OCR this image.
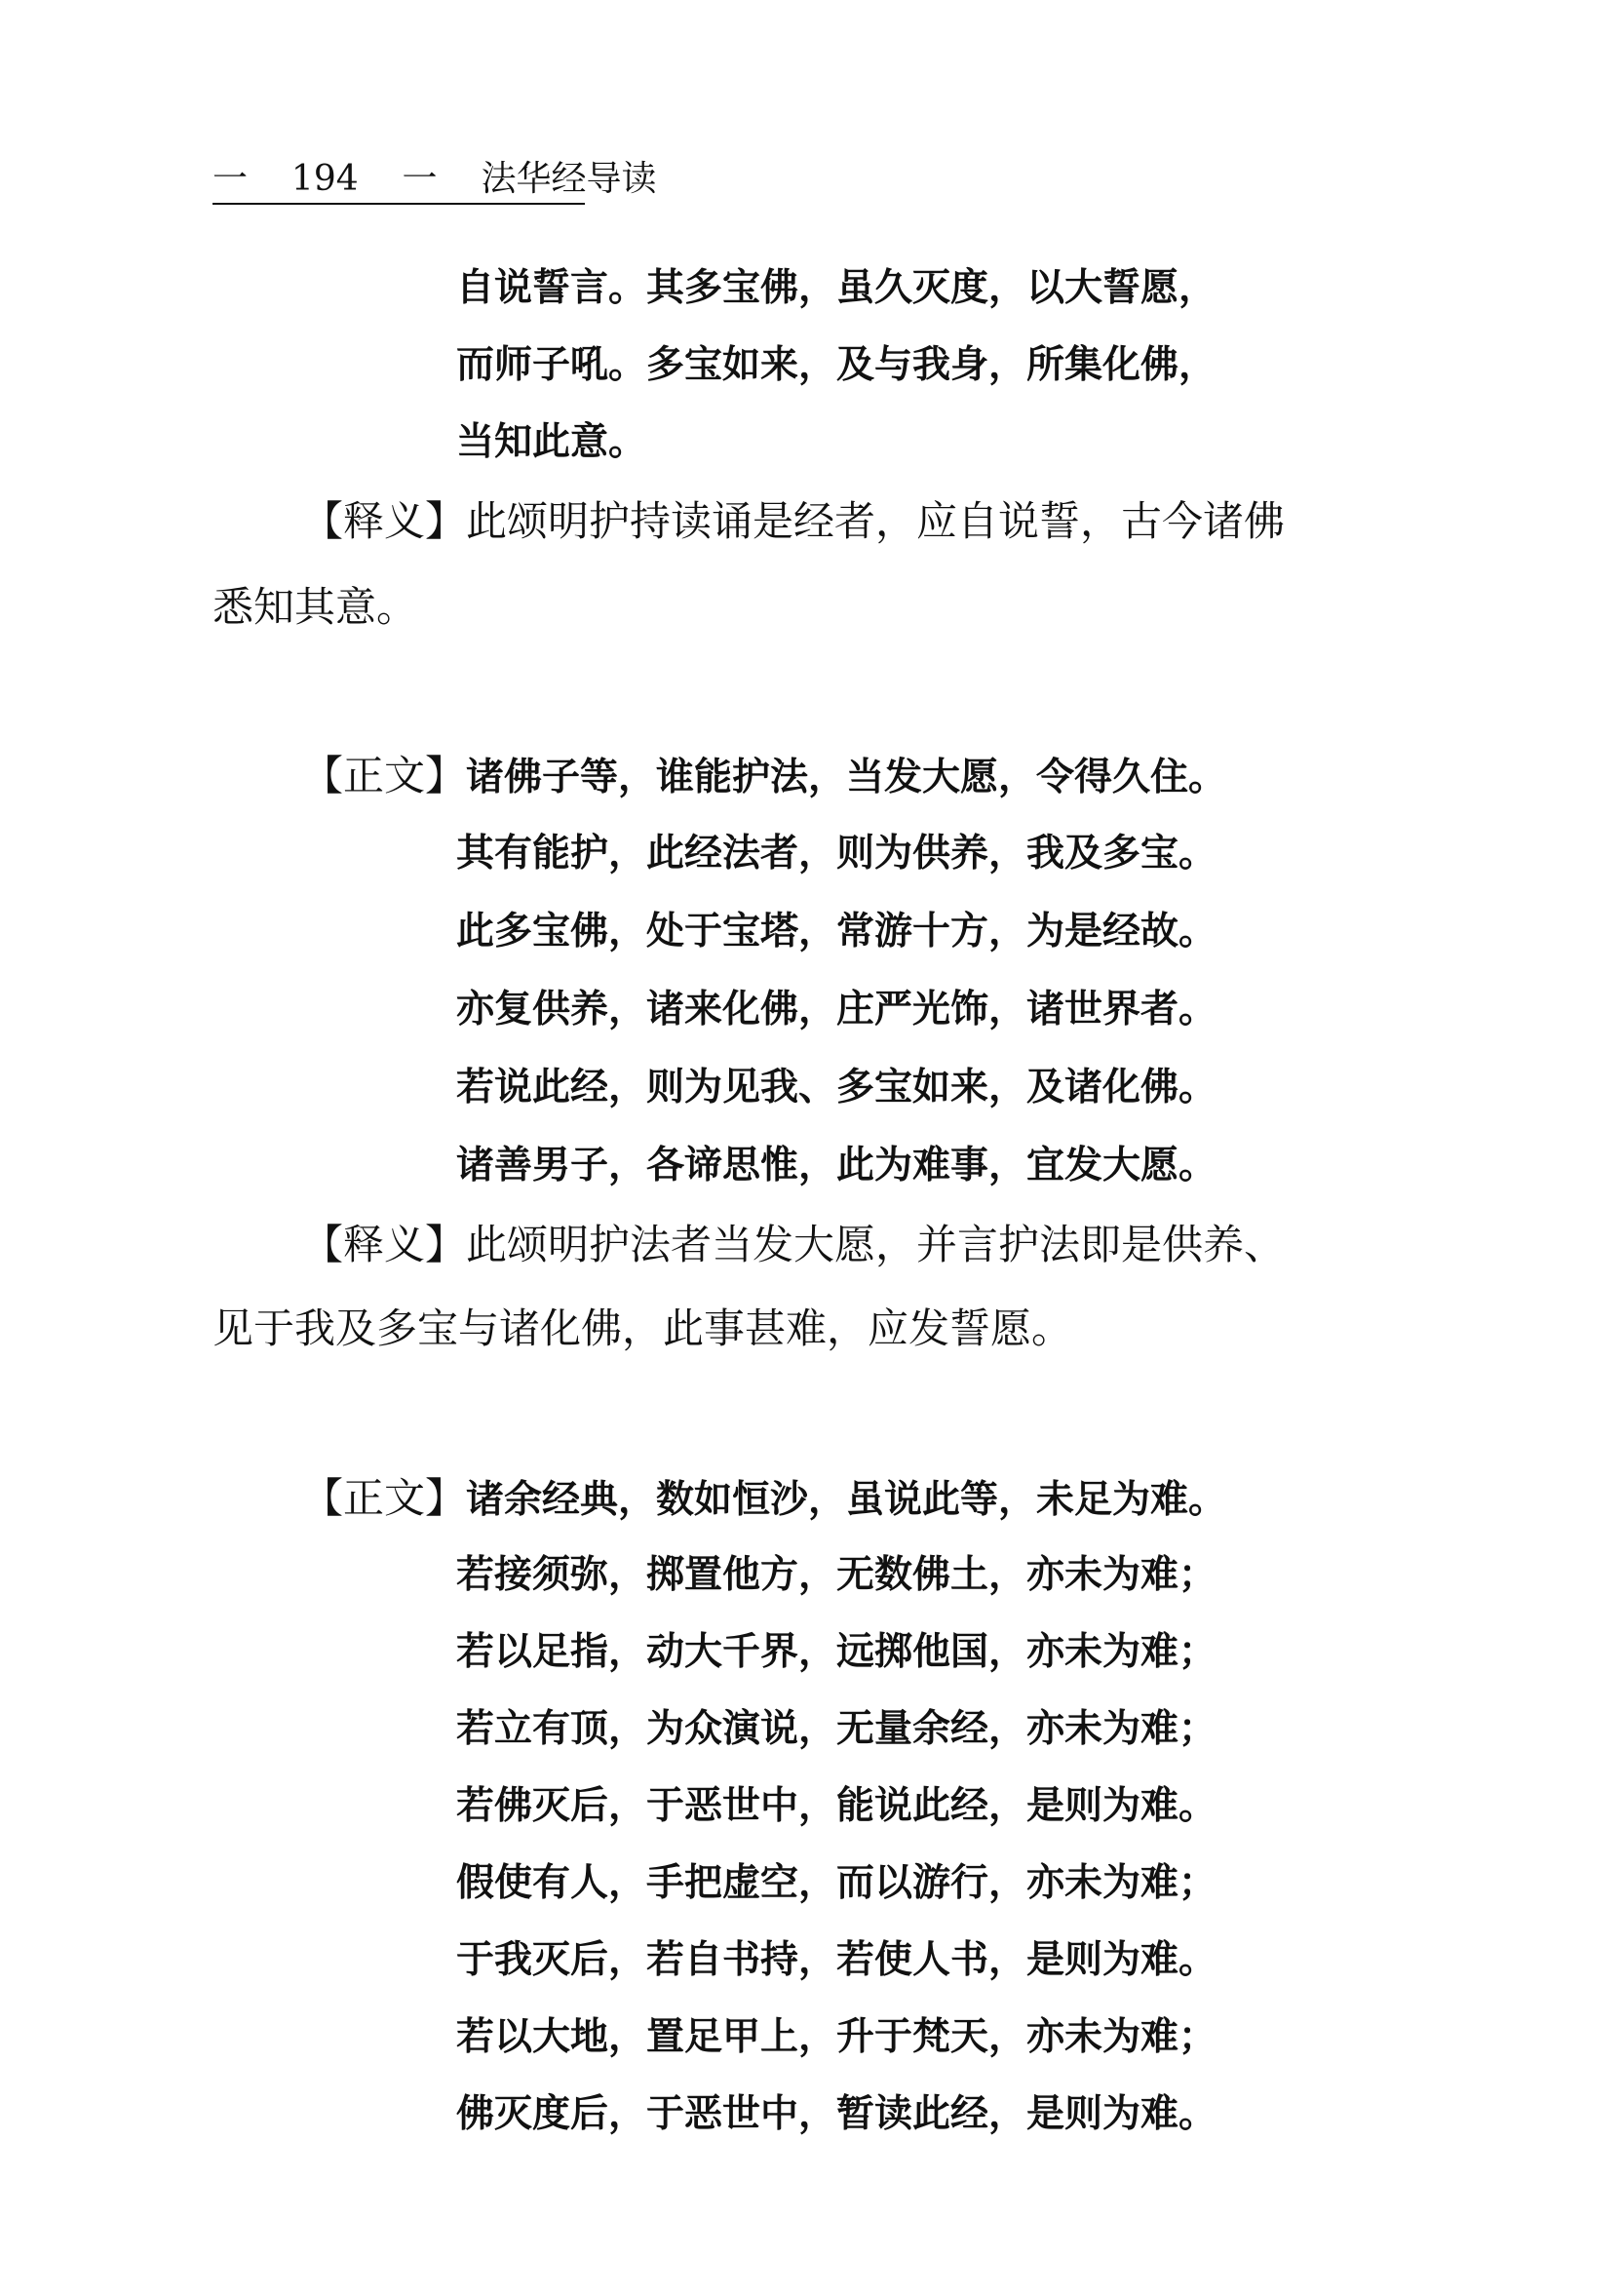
一 194 一 法华经导读
自说誓言。其多宝佛，虽久灭度，以大誓愿，
而师子吼。多宝如来，及与我身，所集化佛，
当知此意。
【释义】此颂明护持读诵是经者，应自说誓，古今诸佛
悉知其意。
【正文】诸佛子等，谁能护法，当发大愿，令得久住。
其有能护，此经法者，则为供养，我及多宝。
此多宝佛，处于宝塔，常游十方，为是经故。
亦复供养，诸来化佛，庄严光饰，诸世界者。
若说此经，则为见我、多宝如来，及诸化佛。
诸善男子，各谛思惟，此为难事，宜发大愿。
【释义】此颂明护法者当发大愿，并言护法即是供养、
见于我及多宝与诸化佛，此事甚难，应发誓愿。
【正文】诸余经典，数如恒沙，虽说此等，未足为难。
若接须弥，掷置他方，无数佛土，亦未为难；
若以足指，动大千界，远掷他国，亦未为难；
若立有顶，为众演说，无量余经，亦未为难；
若佛灭后，于恶世中，能说此经，是则为难。
假使有人，手把虚空，而以游行，亦未为难；
于我灭后，若自书持，若使人书，是则为难。
若以大地，置足甲上，升于梵天，亦未为难；
佛灭度后，于恶世中，暂读此经，是则为难。
